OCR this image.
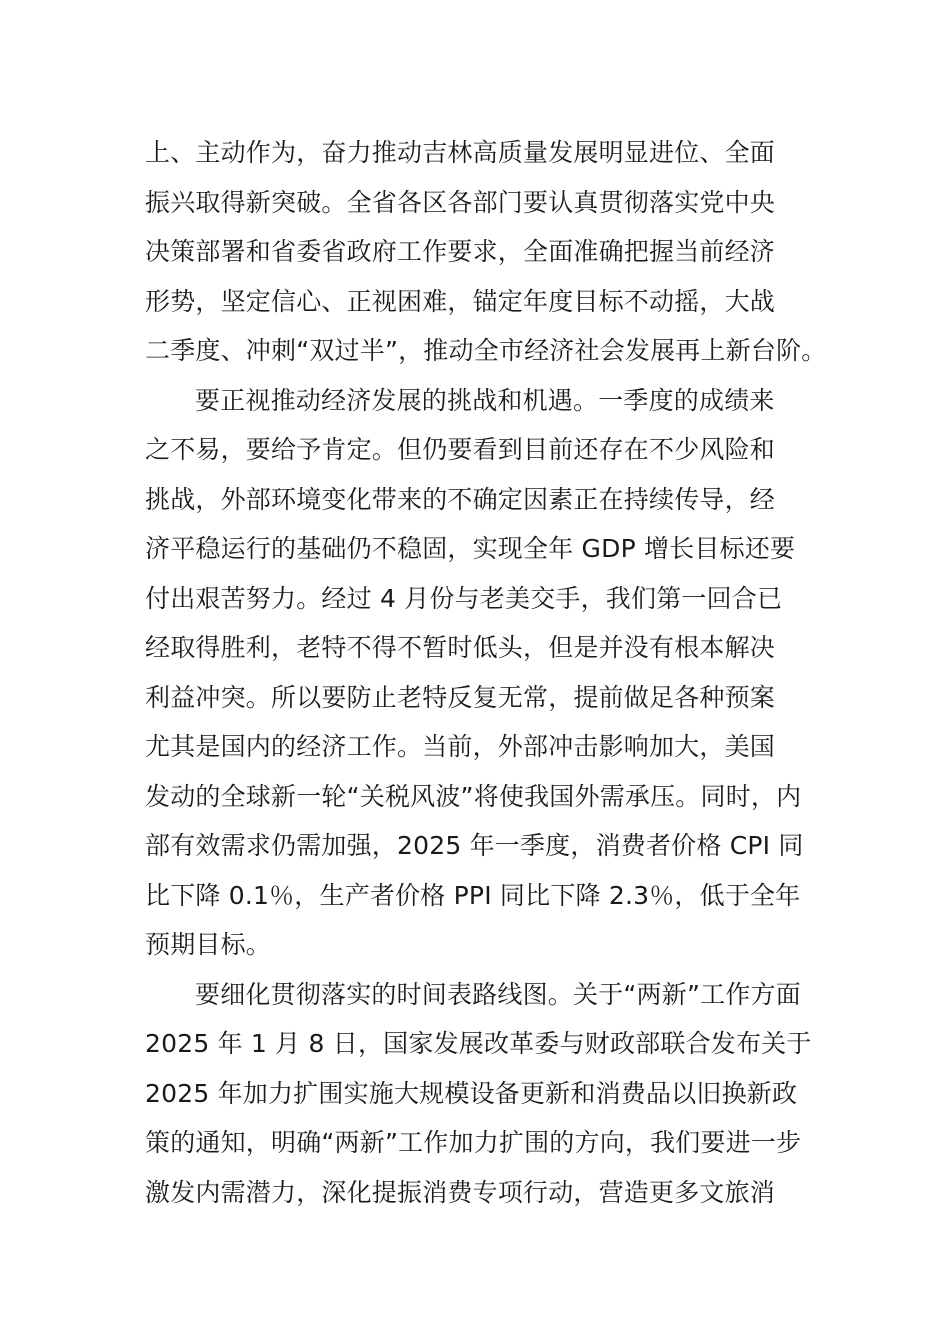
上、主动作为，奋力推动吉林高质量发展明显进位、全面
振兴取得新突破。全省各区各部门要认真贯彻落实党中央
决策部署和省委省政府工作要求，全面准确把握当前经济
形势，坚定信心、正视困难，锚定年度目标不动摇，大战
二季度、冲刺“双过半”，推动全市经济社会发展再上新台阶。
要正视推动经济发展的挑战和机遇。一季度的成绩来
之不易，要给予肯定。但仍要看到目前还存在不少风险和
挑战，外部环境变化带来的不确定因素正在持续传导，经
济平稳运行的基础仍不稳固，实现全年 GDP 增长目标还要
付出艰苦努力。经过 4 月份与老美交手，我们第一回合已
经取得胜利，老特不得不暂时低头，但是并没有根本解决
利益冲突。所以要防止老特反复无常，提前做足各种预案
尤其是国内的经济工作。当前，外部冲击影响加大，美国
发动的全球新一轮“关税风波”将使我国外需承压。同时，内
部有效需求仍需加强，2025 年一季度，消费者价格 CPI 同
比下降 0.1％，生产者价格 PPI 同比下降 2.3％，低于全年
预期目标。
要细化贯彻落实的时间表路线图。关于“两新”工作方面
2025 年 1 月 8 日，国家发展改革委与财政部联合发布关于
2025 年加力扩围实施大规模设备更新和消费品以旧换新政
策的通知，明确“两新”工作加力扩围的方向，我们要进一步
激发内需潜力，深化提振消费专项行动，营造更多文旅消
